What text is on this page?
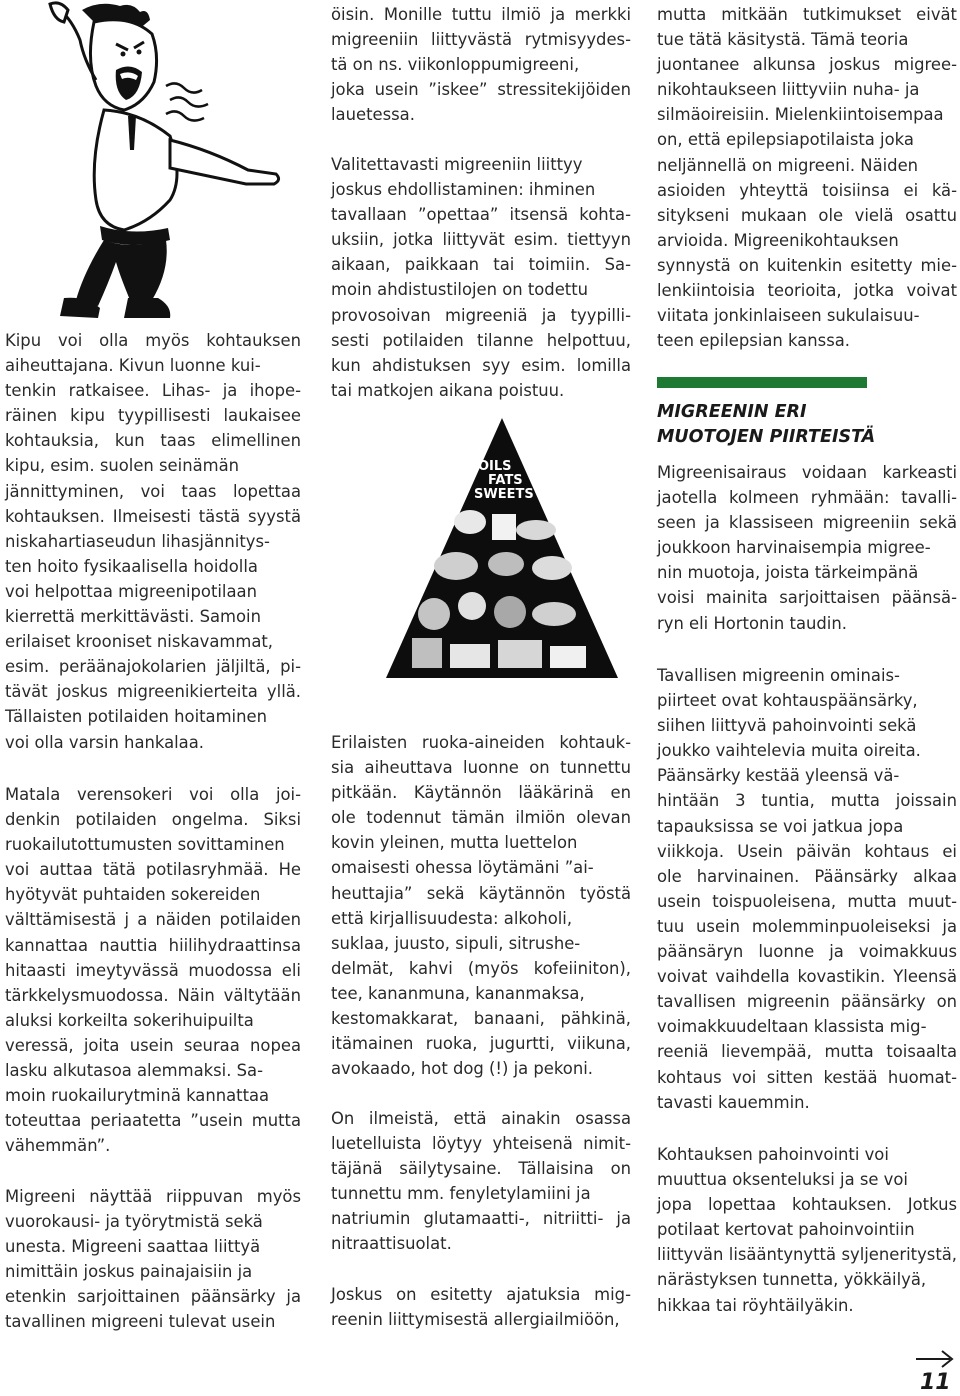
Kipu voi olla myös kohtauksen
aiheuttajana. Kivun luonne kui-
tenkin ratkaisee. Lihas- ja ihope-
räinen kipu tyypillisesti laukaisee
kohtauksia, kun taas elimellinen
kipu, esim. suolen seinämän
jännittyminen, voi taas lopettaa
kohtauksen. Ilmeisesti tästä syystä
niskahartiaseudun lihasjännitys-
ten hoito fysikaalisella hoidolla
voi helpottaa migreenipotilaan
kierrettä merkittävästi. Samoin
erilaiset krooniset niskavammat,
esim. peräänajokolarien jäljiltä, pi-
tävät joskus migreenikierteita yllä.
Tällaisten potilaiden hoitaminen
voi olla varsin hankalaa.

Matala verensokeri voi olla joi-
denkin potilaiden ongelma. Siksi
ruokailutottumusten sovittaminen
voi auttaa tätä potilasryhmää. He
hyötyvät puhtaiden sokereiden
välttämisestä j a näiden potilaiden
kannattaa nauttia hiilihydraattinsa
hitaasti imeytyvässä muodossa eli
tärkkelysmuodossa. Näin vältytään
aluksi korkeilta sokerihuipuilta
veressä, joita usein seuraa nopea
lasku alkutasoa alemmaksi. Sa-
moin ruokailurytminä kannattaa
toteuttaa periaatetta ”usein mutta
vähemmän”.

Migreeni näyttää riippuvan myös
vuorokausi- ja työrytmistä sekä
unesta. Migreeni saattaa liittyä
nimittäin joskus painajaisiin ja
etenkin sarjoittainen päänsärky ja
tavallinen migreeni tulevat usein

öisin. Monille tuttu ilmiö ja merkki
migreeniin liittyvästä rytmisyydes-
tä on ns. viikonloppumigreeni,
joka usein ”iskee” stressitekijöiden
lauetessa.

Valitettavasti migreeniin liittyy
joskus ehdollistaminen: ihminen
tavallaan ”opettaa” itsensä kohta-
uksiin, jotka liittyvät esim. tiettyyn
aikaan, paikkaan tai toimiin. Sa-
moin ahdistustilojen on todettu
provosoivan migreeniä ja tyypilli-
sesti potilaiden tilanne helpottuu,
kun ahdistuksen syy esim. lomilla
tai matkojen aikana poistuu.

Erilaisten ruoka-aineiden kohtauk-
sia aiheuttava luonne on tunnettu
pitkään. Käytännön lääkärinä en
ole todennut tämän ilmiön olevan
kovin yleinen, mutta luettelon
omaisesti ohessa löytämäni ”ai-
heuttajia” sekä käytännön työstä
että kirjallisuudesta: alkoholi,
suklaa, juusto, sipuli, sitrushe-
delmät, kahvi (myös kofeiiniton),
tee, kananmuna, kananmaksa,
kestomakkarat, banaani, pähkinä,
itämainen ruoka, jugurtti, viikuna,
avokaado, hot dog (!) ja pekoni.

On ilmeistä, että ainakin osassa
luetelluista löytyy yhteisenä nimit-
täjänä säilytysaine. Tällaisina on
tunnettu mm. fenyletylamiini ja
natriumin glutamaatti-, nitriitti- ja
nitraattisuolat.

Joskus on esitetty ajatuksia mig-
reenin liittymisestä allergiailmiöön,

OILS
FATS
SWEETS

mutta mitkään tutkimukset eivät
tue tätä käsitystä. Tämä teoria
juontanee alkunsa joskus migree-
nikohtaukseen liittyviin nuha- ja
silmäoireisiin. Mielenkiintoisempaa
on, että epilepsiapotilaista joka
neljännellä on migreeni. Näiden
asioiden yhteyttä toisiinsa ei kä-
sitykseni mukaan ole vielä osattu
arvioida. Migreenikohtauksen
synnystä on kuitenkin esitetty mie-
lenkiintoisia teorioita, jotka voivat
viitata jonkinlaiseen sukulaisuu-
teen epilepsian kanssa.

Migreenisairaus voidaan karkeasti
jaotella kolmeen ryhmään: tavalli-
seen ja klassiseen migreeniin sekä
joukkoon harvinaisempia migree-
nin muotoja, joista tärkeimpänä
voisi mainita sarjoittaisen päänsä-
ryn eli Hortonin taudin.

Tavallisen migreenin ominais-
piirteet ovat kohtauspäänsärky,
siihen liittyvä pahoinvointi sekä
joukko vaihtelevia muita oireita.
Päänsärky kestää yleensä vä-
hintään 3 tuntia, mutta joissain
tapauksissa se voi jatkua jopa
viikkoja. Usein päivän kohtaus ei
ole harvinainen. Päänsärky alkaa
usein toispuoleisena, mutta muut-
tuu usein molemminpuoleiseksi ja
päänsäryn luonne ja voimakkuus
voivat vaihdella kovastikin. Yleensä
tavallisen migreenin päänsärky on
voimakkuudeltaan klassista mig-
reeniä lievempää, mutta toisaalta
kohtaus voi sitten kestää huomat-
tavasti kauemmin.

Kohtauksen pahoinvointi voi
muuttua oksenteluksi ja se voi
jopa lopettaa kohtauksen. Jotkus
potilaat kertovat pahoinvointiin
liittyvän lisääntynyttä syljeneritystä,
närästyksen tunnetta, yökkäilyä,
hikkaa tai röyhtäilyäkin.

MIGREENIN ERI
MUOTOJEN PIIRTEISTÄ
11
